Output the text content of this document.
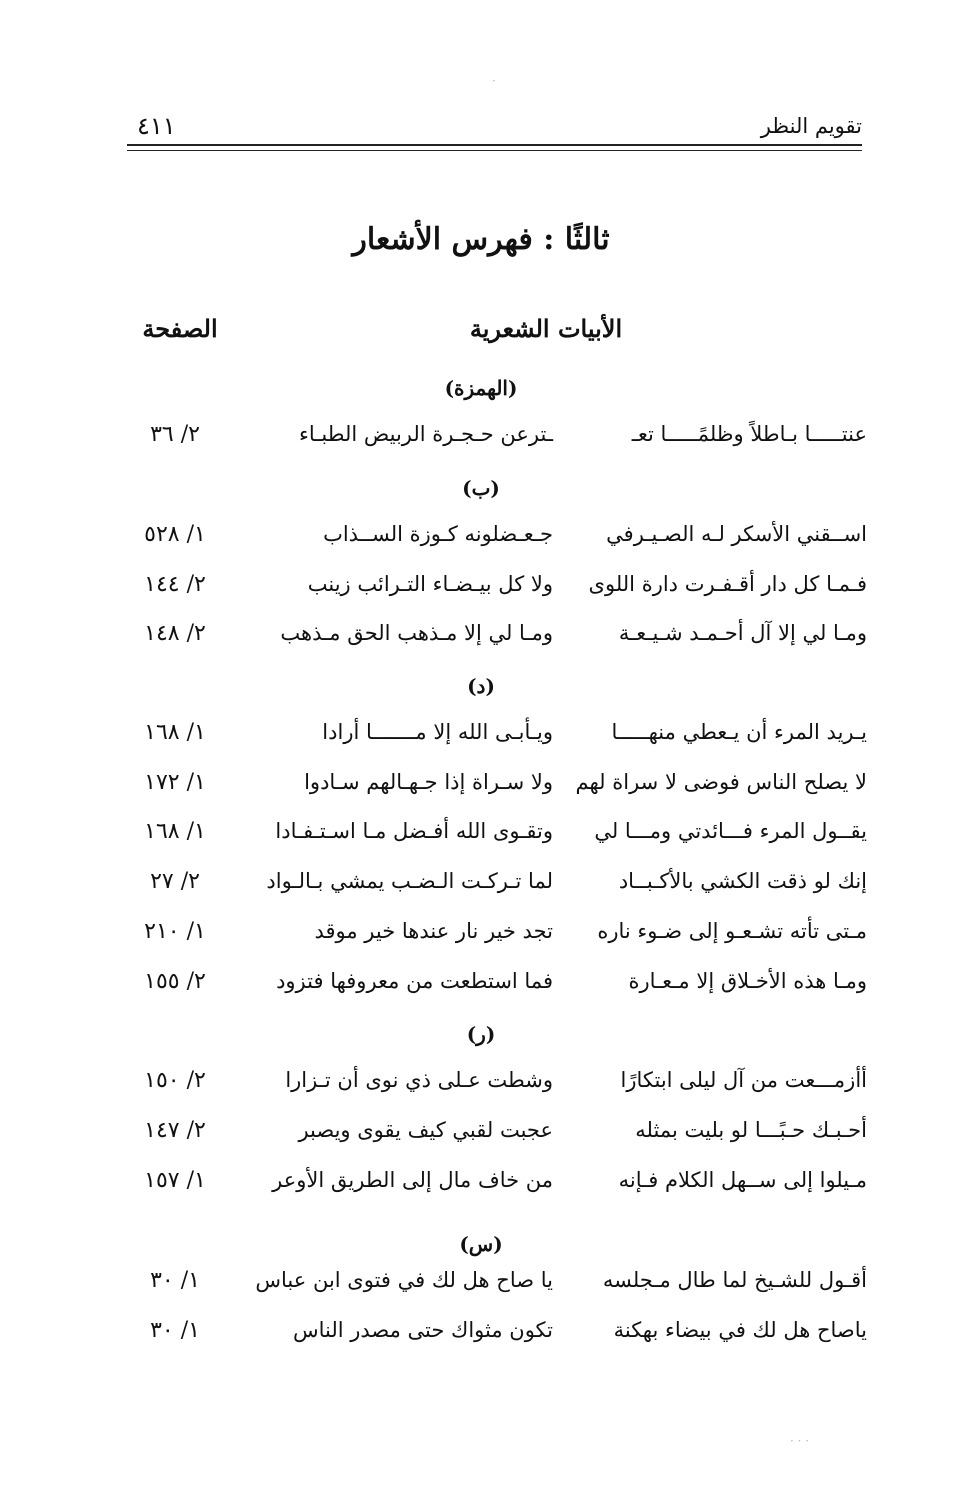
تقويم النظر
٤١١
ثالثًا : فهرس الأشعار
الأبيات الشعرية
الصفحة
(الهمزة)
عنتـــــا بـاطلاً وظلمًـــــا تعـ
ـترعن حـجـرة الربيض الطبـاء
٢/ ٣٦
(ب)
اســقني الأسكر لـه الصـيـرفي
جـعـضلونه كـوزة الســذاب
١/ ٥٢٨
فـمـا كل دار أقـفـرت دارة اللوى
ولا كل بيـضـاء التـرائب زينب
٢/ ١٤٤
ومـا لي إلا آل أحـمـد شـيـعـة
ومـا لي إلا مـذهب الحق مـذهب
٢/ ١٤٨
(د)
يـريد المرء أن يـعطي منهـــــا
ويـأبـى الله إلا مـــــــا أرادا
١/ ١٦٨
لا يصلح الناس فوضى لا سراة لهم
ولا سـراة إذا جـهـالهم سـادوا
١/ ١٧٢
يقــول المرء فـــائدتي ومـــا لي
وتقـوى الله أفـضل مـا اسـتـفـادا
١/ ١٦٨
إنك لو ذقت الكشي بالأكـبــاد
لما تـركـت الـضـب يمشي بـالـواد
٢/ ٢٧
مـتى تأته تشـعـو إلى ضـوء ناره
تجد خير نار عندها خير موقد
١/ ٢١٠
ومـا هذه الأخـلاق إلا مـعـارة
فما استطعت من معروفها فتزود
٢/ ١٥٥
(ر)
أأزمـــعت من آل ليلى ابتكارًا
وشطت عـلى ذي نوى أن تـزارا
٢/ ١٥٠
أحـبـك حـبًـــا لو بليت بمثله
عجبت لقبي كيف يقوى ويصبر
٢/ ١٤٧
مـيلوا إلى ســهل الكلام فـإنه
من خاف مال إلى الطريق الأوعر
١/ ١٥٧
(س)
أقـول للشـيخ لما طال مـجلسه
يا صاح هل لك في فتوى ابن عباس
١/ ٣٠
ياصاح هل لك في بيضاء بهكنة
تكون مثواك حتى مصدر الناس
١/ ٣٠
·
· · ·
